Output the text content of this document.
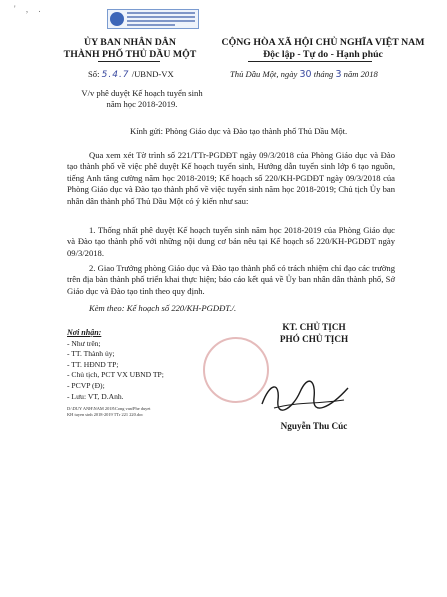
' , .
ỦY BAN NHÂN DÂN
THÀNH PHỐ THỦ DẦU MỘT
CỘNG HÒA XÃ HỘI CHỦ NGHĨA VIỆT NAM
Độc lập - Tự do - Hạnh phúc
Số: 5.4.7 /UBND-VX	Thủ Dầu Một, ngày 30 tháng 3 năm 2018
V/v phê duyệt Kế hoạch tuyển sinh
năm học 2018-2019.
Kính gửi: Phòng Giáo dục và Đào tạo thành phố Thủ Dầu Một.
Qua xem xét Tờ trình số 221/TTr-PGDĐT ngày 09/3/2018 của Phòng Giáo dục và Đào tạo thành phố về việc phê duyệt Kế hoạch tuyển sinh, Hướng dẫn tuyển sinh lớp 6 tạo nguồn, tiếng Anh tăng cường năm học 2018-2019; Kế hoạch số 220/KH-PGDĐT ngày 09/3/2018 của Phòng Giáo dục và Đào tạo thành phố về việc tuyển sinh năm học 2018-2019; Chủ tịch Ủy ban nhân dân thành phố Thủ Dầu Một có ý kiến như sau:
1. Thống nhất phê duyệt Kế hoạch tuyển sinh năm học 2018-2019 của Phòng Giáo dục và Đào tạo thành phố với những nội dung cơ bản nêu tại Kế hoạch số 220/KH-PGDĐT ngày 09/3/2018.
2. Giao Trưởng phòng Giáo dục và Đào tạo thành phố có trách nhiệm chỉ đạo các trường trên địa bàn thành phố triển khai thực hiện; báo cáo kết quả về Ủy ban nhân dân thành phố, Sở Giáo dục và Đào tạo tỉnh theo quy định.
Kèm theo: Kế hoạch số 220/KH-PGDĐT./.
Nơi nhận:
- Như trên;
- TT. Thành ủy;
- TT. HĐND TP;
- Chủ tịch, PCT VX UBND TP;
- PCVP (Đ);
- Lưu: VT, D.Anh.
D:\DUY ANH\NAM 2018\Cong van\Phe duyet
KH tuyen sinh 2018-2019 TTr 221 220.doc
KT. CHỦ TỊCH
PHÓ CHỦ TỊCH
Nguyễn Thu Cúc
